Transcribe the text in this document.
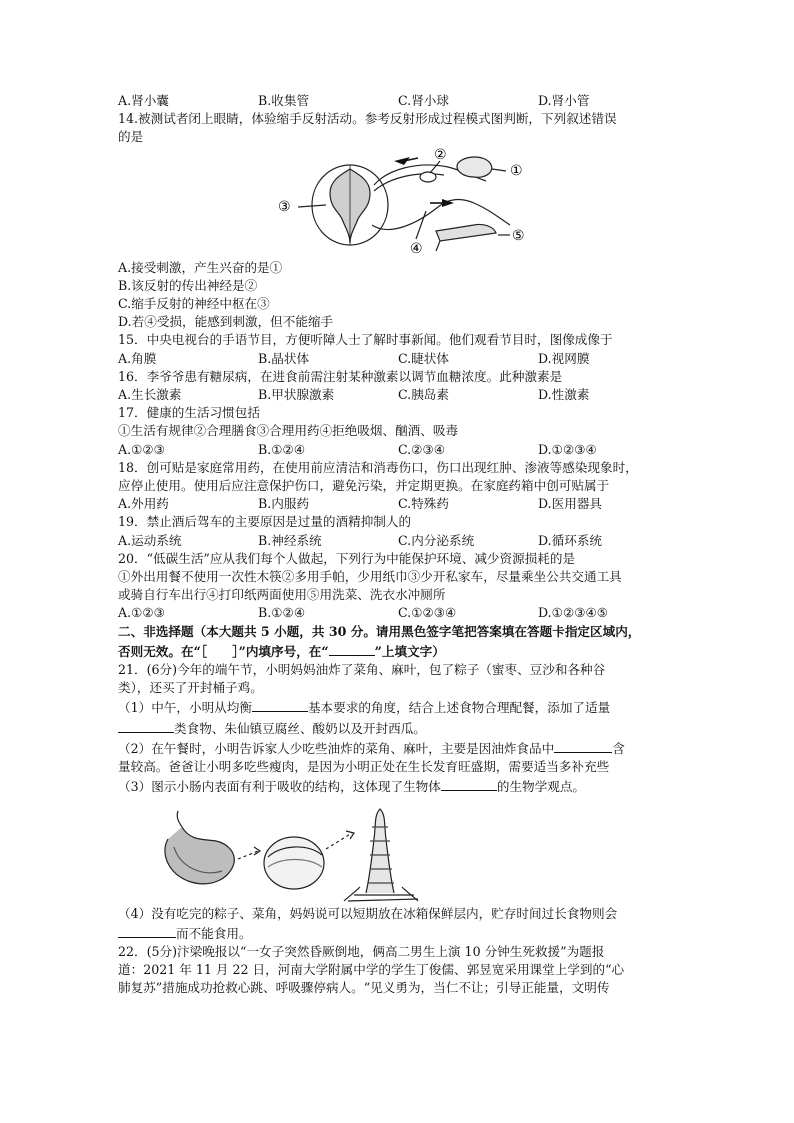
A.肾小囊	B.收集管	C.肾小球	D.肾小管
14.被测试者闭上眼睛，体验缩手反射活动。参考反射形成过程模式图判断，下列叙述错误
的是
①
②
③
④
⑤
A.接受刺激，产生兴奋的是①
B.该反射的传出神经是②
C.缩手反射的神经中枢在③
D.若④受损，能感到刺激，但不能缩手
15．中央电视台的手语节目，方便听障人士了解时事新闻。他们观看节目时，图像成像于
A.角膜	B.晶状体	C.睫状体	D.视网膜
16．李爷爷患有糖尿病，在进食前需注射某种激素以调节血糖浓度。此种激素是
A.生长激素	B.甲状腺激素	C.胰岛素	D.性激素
17．健康的生活习惯包括
①生活有规律②合理膳食③合理用药④拒绝吸烟、酗酒、吸毒
A.①②③	B.①②④	C.②③④	D.①②③④
18．创可贴是家庭常用药，在使用前应清洁和消毒伤口，伤口出现红肿、渗液等感染现象时，
应停止使用。使用后应注意保护伤口，避免污染，并定期更换。在家庭药箱中创可贴属于
A.外用药	B.内服药	C.特殊药	D.医用器具
19．禁止酒后驾车的主要原因是过量的酒精抑制人的
A.运动系统	B.神经系统	C.内分泌系统	D.循环系统
20．“低碳生活”应从我们每个人做起，下列行为中能保护环境、减少资源损耗的是
①外出用餐不使用一次性木筷②多用手帕，少用纸巾③少开私家车，尽量乘坐公共交通工具
或骑自行车出行④打印纸两面使用⑤用洗菜、洗衣水冲厕所
A.①②③	B.①②④	C.①②③④	D.①②③④⑤
二、非选择题（本大题共 5 小题，共 30 分。请用黑色签字笔把答案填在答题卡指定区域内，
否则无效。在“［　　］”内填序号，在“	”上填文字）
21．(6分)今年的端午节，小明妈妈油炸了菜角、麻叶，包了粽子（蜜枣、豆沙和各种谷
类），还买了开封桶子鸡。
（1）中午，小明从均衡	基本要求的角度，结合上述食物合理配餐，添加了适量
类食物、朱仙镇豆腐丝、酸奶以及开封西瓜。
（2）在午餐时，小明告诉家人少吃些油炸的菜角、麻叶，主要是因油炸食品中	含
量较高。爸爸让小明多吃些瘦肉，是因为小明正处在生长发育旺盛期，需要适当多补充些
（3）图示小肠内表面有利于吸收的结构，这体现了生物体	的生物学观点。
（4）没有吃完的粽子、菜角，妈妈说可以短期放在冰箱保鲜层内，贮存时间过长食物则会
而不能食用。
22．(5分)汴梁晚报以“一女子突然昏厥倒地，俩高二男生上演 10 分钟生死救援”为题报
道：2021 年 11 月 22 日，河南大学附属中学的学生丁俊儒、郭昱宽采用课堂上学到的“心
肺复苏”措施成功抢救心跳、呼吸骤停病人。“见义勇为，当仁不让；引导正能量，文明传
